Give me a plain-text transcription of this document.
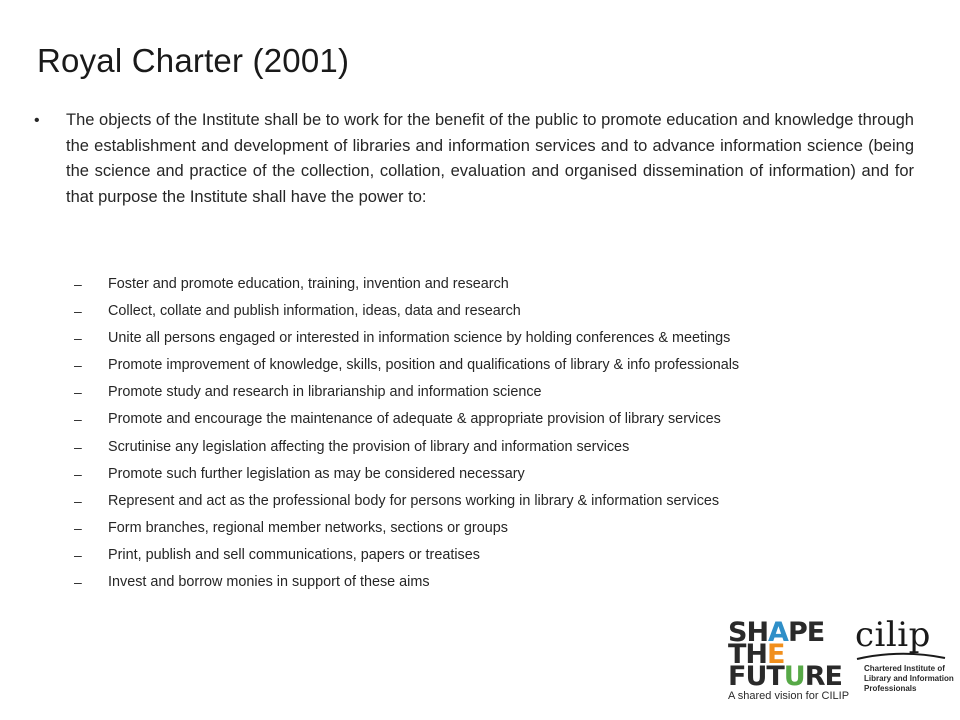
Royal Charter (2001)
• The objects of the Institute shall be to work for the benefit of the public to promote education and knowledge through the establishment and development of libraries and information services and to advance information science (being the science and practice of the collection, collation, evaluation and organised dissemination of information) and for that purpose the Institute shall have the power to:
– Foster and promote education, training, invention and research
– Collect, collate and publish information, ideas, data and research
– Unite all persons engaged or interested in information science by holding conferences & meetings
– Promote improvement of knowledge, skills, position and qualifications of library & info professionals
– Promote study and research in librarianship and information science
– Promote and encourage the maintenance of adequate & appropriate provision of library services
– Scrutinise any legislation affecting the provision of library and information services
– Promote such further legislation as may be considered necessary
– Represent and act as the professional body for persons working in library & information services
– Form branches, regional member networks, sections or groups
– Print, publish and sell communications, papers or treatises
– Invest and borrow monies in support of these aims
SHAPE
THE
FUTURE
A shared vision for CILIP
cilip
Chartered Institute of
Library and Information
Professionals
